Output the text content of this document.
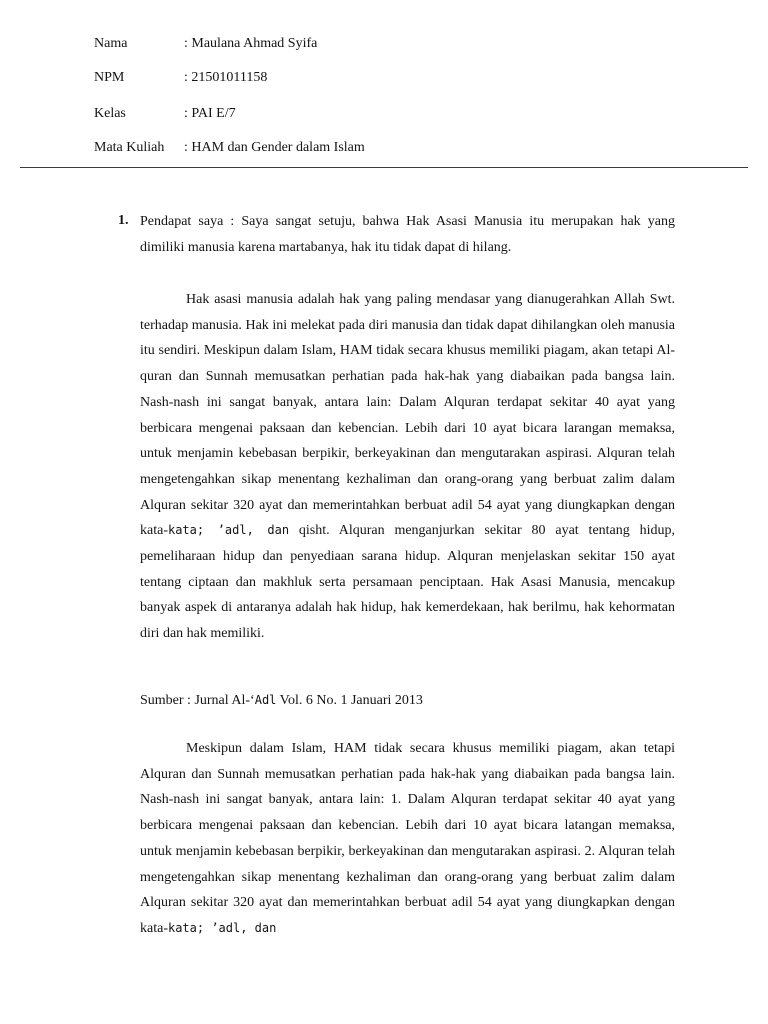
Nama	: Maulana Ahmad Syifa
NPM	: 21501011158
Kelas	: PAI E/7
Mata Kuliah : HAM dan Gender dalam Islam
1. Pendapat saya : Saya sangat setuju, bahwa Hak Asasi Manusia itu merupakan hak yang dimiliki manusia karena martabanya, hak itu tidak dapat di hilang.

Hak asasi manusia adalah hak yang paling mendasar yang dianugerahkan Allah Swt. terhadap manusia. Hak ini melekat pada diri manusia dan tidak dapat dihilangkan oleh manusia itu sendiri. Meskipun dalam Islam, HAM tidak secara khusus memiliki piagam, akan tetapi Al-quran dan Sunnah memusatkan perhatian pada hak-hak yang diabaikan pada bangsa lain. Nash-nash ini sangat banyak, antara lain: Dalam Alquran terdapat sekitar 40 ayat yang berbicara mengenai paksaan dan kebencian. Lebih dari 10 ayat bicara larangan memaksa, untuk menjamin kebebasan berpikir, berkeyakinan dan mengutarakan aspirasi. Alquran telah mengetengahkan sikap menentang kezhaliman dan orang-orang yang berbuat zalim dalam Alquran sekitar 320 ayat dan memerintahkan berbuat adil 54 ayat yang diungkapkan dengan kata-kata; ’adl, dan qisht. Alquran menganjurkan sekitar 80 ayat tentang hidup, pemeliharaan hidup dan penyediaan sarana hidup. Alquran menjelaskan sekitar 150 ayat tentang ciptaan dan makhluk serta persamaan penciptaan. Hak Asasi Manusia, mencakup banyak aspek di antaranya adalah hak hidup, hak kemerdekaan, hak berilmu, hak kehormatan diri dan hak memiliki.

Sumber : Jurnal Al-‘Adl Vol. 6 No. 1 Januari 2013

Meskipun dalam Islam, HAM tidak secara khusus memiliki piagam, akan tetapi Alquran dan Sunnah memusatkan perhatian pada hak-hak yang diabaikan pada bangsa lain. Nash-nash ini sangat banyak, antara lain: 1. Dalam Alquran terdapat sekitar 40 ayat yang berbicara mengenai paksaan dan kebencian. Lebih dari 10 ayat bicara latangan memaksa, untuk menjamin kebebasan berpikir, berkeyakinan dan mengutarakan aspirasi. 2. Alquran telah mengetengahkan sikap menentang kezhaliman dan orang-orang yang berbuat zalim dalam Alquran sekitar 320 ayat dan memerintahkan berbuat adil 54 ayat yang diungkapkan dengan kata-kata; ’adl, dan
